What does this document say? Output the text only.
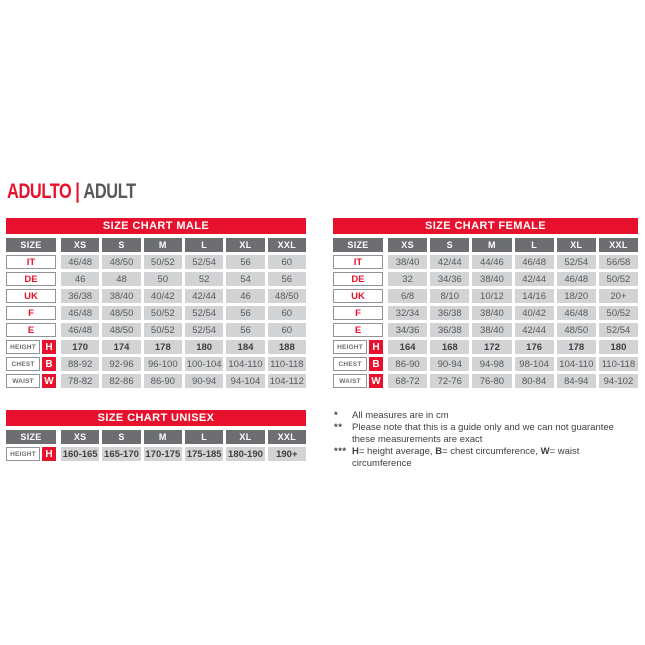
ADULTO | ADULT
SIZE CHART MALE
SIZE	XS	S	M	L	XL	XXL
IT	46/48	48/50	50/52	52/54	56	60
DE	46	48	50	52	54	56
UK	36/38	38/40	40/42	42/44	46	48/50
F	46/48	48/50	50/52	52/54	56	60
E	46/48	48/50	50/52	52/54	56	60
HEIGHT H	170	174	178	180	184	188
CHEST	B	88-92	92-96	96-100 100-104 104-110 110-118
WAIST	W	78-82	82-86	86-90	90-94	94-104 104-112
SIZE CHART FEMALE
SIZE	XS	S	M	L	XL	XXL
IT	38/40	42/44	44/46	46/48	52/54	56/58
DE	32	34/36	38/40	42/44	46/48	50/52
UK	6/8	8/10	10/12	14/16	18/20	20+
F	32/34	36/38	38/40	40/42	46/48	50/52
E	34/36	36/38	38/40	42/44	48/50	52/54
HEIGHT H	164	168	172	176	178	180
CHEST	B	86-90	90-94	94-98	98-104	104-110 110-118
WAIST	W	68-72	72-76	76-80	80-84	84-94	94-102
SIZE CHART UNISEX
SIZE	XS	S	M	L	XL	XXL
HEIGHT H	160-165 165-170 170-175 175-185 180-190	190+
*	All measures are in cm
**	Please note that this is a guide only and we can not guarantee
these measurements are exact
*** H= height average, B= chest circumference, W= waist circumference
